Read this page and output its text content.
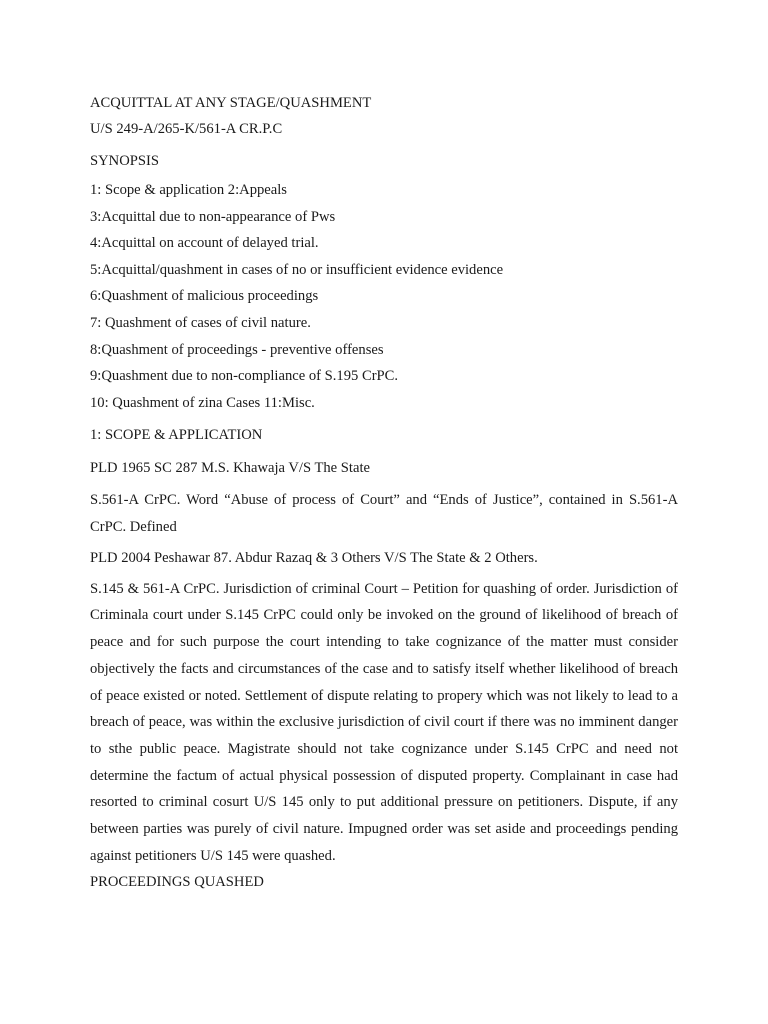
ACQUITTAL AT ANY STAGE/QUASHMENT

U/S 249-A/265-K/561-A CR.P.C

SYNOPSIS

1: Scope & application 2:Appeals

3:Acquittal due to non-appearance of Pws

4:Acquittal on account of delayed trial.

5:Acquittal/quashment in cases of no or insufficient evidence evidence

6:Quashment of malicious proceedings

7: Quashment of cases of civil nature.

8:Quashment of proceedings - preventive offenses

9:Quashment due to non-compliance of S.195 CrPC.

10: Quashment of zina Cases 11:Misc.

1: SCOPE & APPLICATION

PLD 1965 SC 287 M.S. Khawaja V/S The State

S.561-A CrPC. Word “Abuse of process of Court” and “Ends of Justice”, contained in S.561-A CrPC. Defined

PLD 2004 Peshawar 87. Abdur Razaq & 3 Others V/S The State & 2 Others.

S.145 & 561-A CrPC. Jurisdiction of criminal Court – Petition for quashing of order. Jurisdiction of Criminala court under S.145 CrPC could only be invoked on the ground of likelihood of breach of peace and for such purpose the court intending to take cognizance of the matter must consider objectively the facts and circumstances of the case and to satisfy itself whether likelihood of breach of peace existed or noted. Settlement of dispute relating to propery which was not likely to lead to a breach of peace, was within the exclusive jurisdiction of civil court if there was no imminent danger to sthe public peace. Magistrate should not take cognizance under S.145 CrPC and need not determine the factum of actual physical possession of disputed property. Complainant in case had resorted to criminal cosurt U/S 145 only to put additional pressure on petitioners. Dispute, if any between parties was purely of civil nature. Impugned order was set aside and proceedings pending against petitioners U/S 145 were quashed.
PROCEEDINGS QUASHED
